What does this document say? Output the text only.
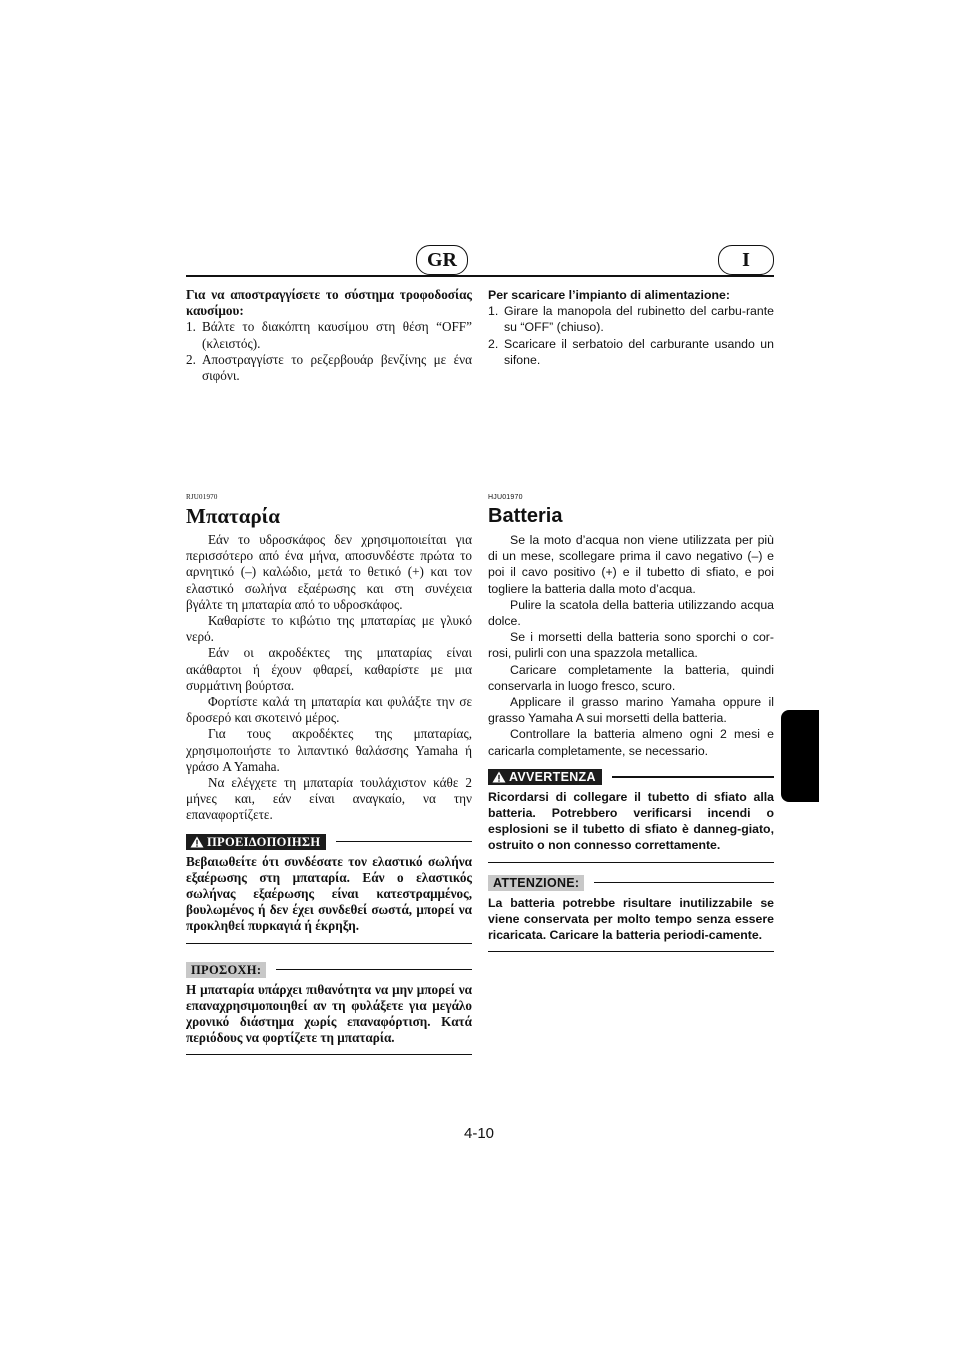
GR	I
Για να αποστραγγίσετε το σύστημα τροφοδοσίας καυσίμου:
1. Βάλτε το διακόπτη καυσίμου στη θέση “OFF” (κλειστός).
2. Αποστραγγίστε το ρεζερβουάρ βενζίνης με ένα σιφόνι.
RJU01970
Μπαταρία

Εάν το υδροσκάφος δεν χρησιμοποιείται για περισσότερο από ένα μήνα, αποσυνδέστε πρώτα το αρνητικό (–) καλώδιο, μετά το θετικό (+) και τον ελαστικό σωλήνα εξαέρωσης και στη συνέχεια βγάλτε τη μπαταρία από το υδροσκάφος.

Καθαρίστε το κιβώτιο της μπαταρίας με γλυκό νερό.

Εάν οι ακροδέκτες της μπαταρίας είναι ακάθαρτοι ή έχουν φθαρεί, καθαρίστε με μια συρμάτινη βούρτσα.

Φορτίστε καλά τη μπαταρία και φυλάξτε την σε δροσερό και σκοτεινό μέρος.

Για τους ακροδέκτες της μπαταρίας, χρησιμοποιήστε το λιπαντικό θαλάσσης Yamaha ή γράσο A Yamaha.

Να ελέγχετε τη μπαταρία τουλάχιστον κάθε 2 μήνες και, εάν είναι αναγκαίο, να την επαναφορτίζετε.

ΠΡΟΕΙΔΟΠΟΙΗΣΗ
Βεβαιωθείτε ότι συνδέσατε τον ελαστικό σωλήνα εξαέρωσης στη μπαταρία. Εάν ο ελαστικός σωλήνας εξαέρωσης είναι κατεστραμμένος, βουλωμένος ή δεν έχει συνδεθεί σωστά, μπορεί να προκληθεί πυρκαγιά ή έκρηξη.
ΠΡΟΣΟΧΗ:
Η μπαταρία υπάρχει πιθανότητα να μην μπορεί να επαναχρησιμοποιηθεί αν τη φυλάξετε για μεγάλο χρονικό διάστημα χωρίς επαναφόρτιση. Κατά περιόδους να φορτίζετε τη μπαταρία.
Per scaricare l’impianto di alimentazione:
1. Girare la manopola del rubinetto del carbu-rante su “OFF” (chiuso).
2. Scaricare il serbatoio del carburante usando un sifone.
HJU01970
Batteria

Se la moto d’acqua non viene utilizzata per più di un mese, scollegare prima il cavo negativo (–) e poi il cavo positivo (+) e il tubetto di sfiato, e poi togliere la batteria dalla moto d’acqua.

Pulire la scatola della batteria utilizzando acqua dolce.

Se i morsetti della batteria sono sporchi o cor-rosi, pulirli con una spazzola metallica.

Caricare completamente la batteria, quindi conservarla in luogo fresco, scuro.

Applicare il grasso marino Yamaha oppure il grasso Yamaha A sui morsetti della batteria.

Controllare la batteria almeno ogni 2 mesi e caricarla completamente, se necessario.

AVVERTENZA
Ricordarsi di collegare il tubetto di sfiato alla batteria. Potrebbero verificarsi incendi o esplosioni se il tubetto di sfiato è danneg-giato, ostruito o non connesso correttamente.
ATTENZIONE:
La batteria potrebbe risultare inutilizzabile se viene conservata per molto tempo senza essere ricaricata. Caricare la batteria periodi-camente.
4-10
